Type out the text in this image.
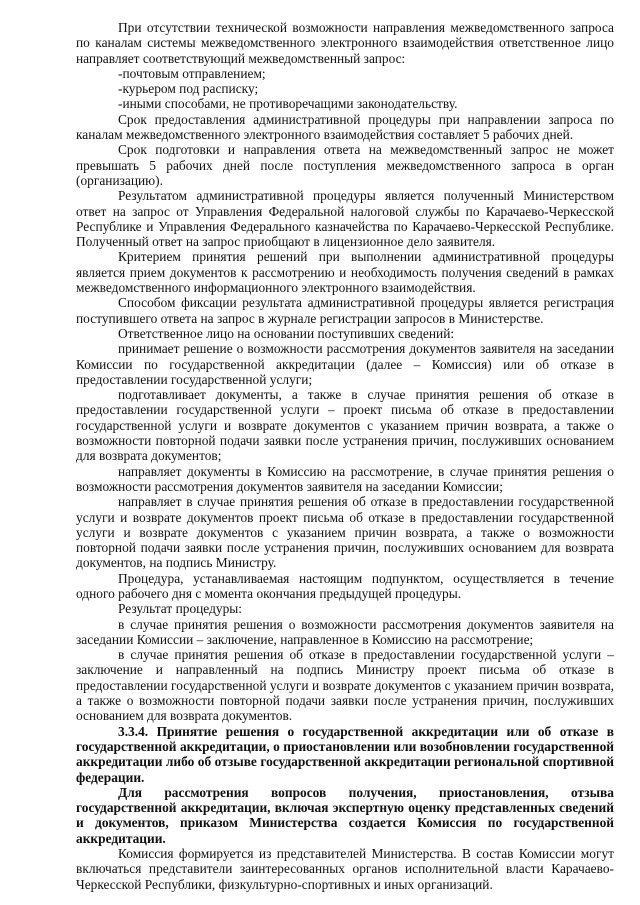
При отсутствии технической возможности направления межведомственного запроса по каналам системы межведомственного электронного взаимодействия ответственное лицо направляет соответствующий межведомственный запрос:

-почтовым отправлением;

-курьером под расписку;

-иными способами, не противоречащими законодательству.

Срок предоставления административной процедуры при направлении запроса по каналам межведомственного электронного взаимодействия составляет 5 рабочих дней.

Срок подготовки и направления ответа на межведомственный запрос не может превышать 5 рабочих дней после поступления межведомственного запроса в орган (организацию).

Результатом административной процедуры является полученный Министерством ответ на запрос от Управления Федеральной налоговой службы по Карачаево-Черкесской Республике и Управления Федерального казначейства по Карачаево-Черкесской Республике. Полученный ответ на запрос приобщают в лицензионное дело заявителя.

Критерием принятия решений при выполнении административной процедуры является прием документов к рассмотрению и необходимость получения сведений в рамках межведомственного информационного электронного взаимодействия.

Способом фиксации результата административной процедуры является регистрация поступившего ответа на запрос в журнале регистрации запросов в Министерстве.

Ответственное лицо на основании поступивших сведений:

принимает решение о возможности рассмотрения документов заявителя на заседании Комиссии по государственной аккредитации (далее – Комиссия) или об отказе в предоставлении государственной услуги;

подготавливает документы, а также в случае принятия решения об отказе в предоставлении государственной услуги – проект письма об отказе в предоставлении государственной услуги и возврате документов с указанием причин возврата, а также о возможности повторной подачи заявки после устранения причин, послуживших основанием для возврата документов;

направляет документы в Комиссию на рассмотрение, в случае принятия решения о возможности рассмотрения документов заявителя на заседании Комиссии;

направляет в случае принятия решения об отказе в предоставлении государственной услуги и возврате документов проект письма об отказе в предоставлении государственной услуги и возврате документов с указанием причин возврата, а также о возможности повторной подачи заявки после устранения причин, послуживших основанием для возврата документов, на подпись Министру.

Процедура, устанавливаемая настоящим подпунктом, осуществляется в течение одного рабочего дня с момента окончания предыдущей процедуры.

Результат процедуры:

в случае принятия решения о возможности рассмотрения документов заявителя на заседании Комиссии – заключение, направленное в Комиссию на рассмотрение;

в случае принятия решения об отказе в предоставлении государственной услуги – заключение и направленный на подпись Министру проект письма об отказе в предоставлении государственной услуги и возврате документов с указанием причин возврата, а также о возможности повторной подачи заявки после устранения причин, послуживших основанием для возврата документов.

3.3.4. Принятие решения о государственной аккредитации или об отказе в государственной аккредитации, о приостановлении или возобновлении государственной аккредитации либо об отзыве государственной аккредитации региональной спортивной федерации.

Для рассмотрения вопросов получения, приостановления, отзыва государственной аккредитации, включая экспертную оценку представленных сведений и документов, приказом Министерства создается Комиссия по государственной аккредитации.

Комиссия формируется из представителей Министерства. В состав Комиссии могут включаться представители заинтересованных органов исполнительной власти Карачаево-Черкесской Республики, физкультурно-спортивных и иных организаций.
